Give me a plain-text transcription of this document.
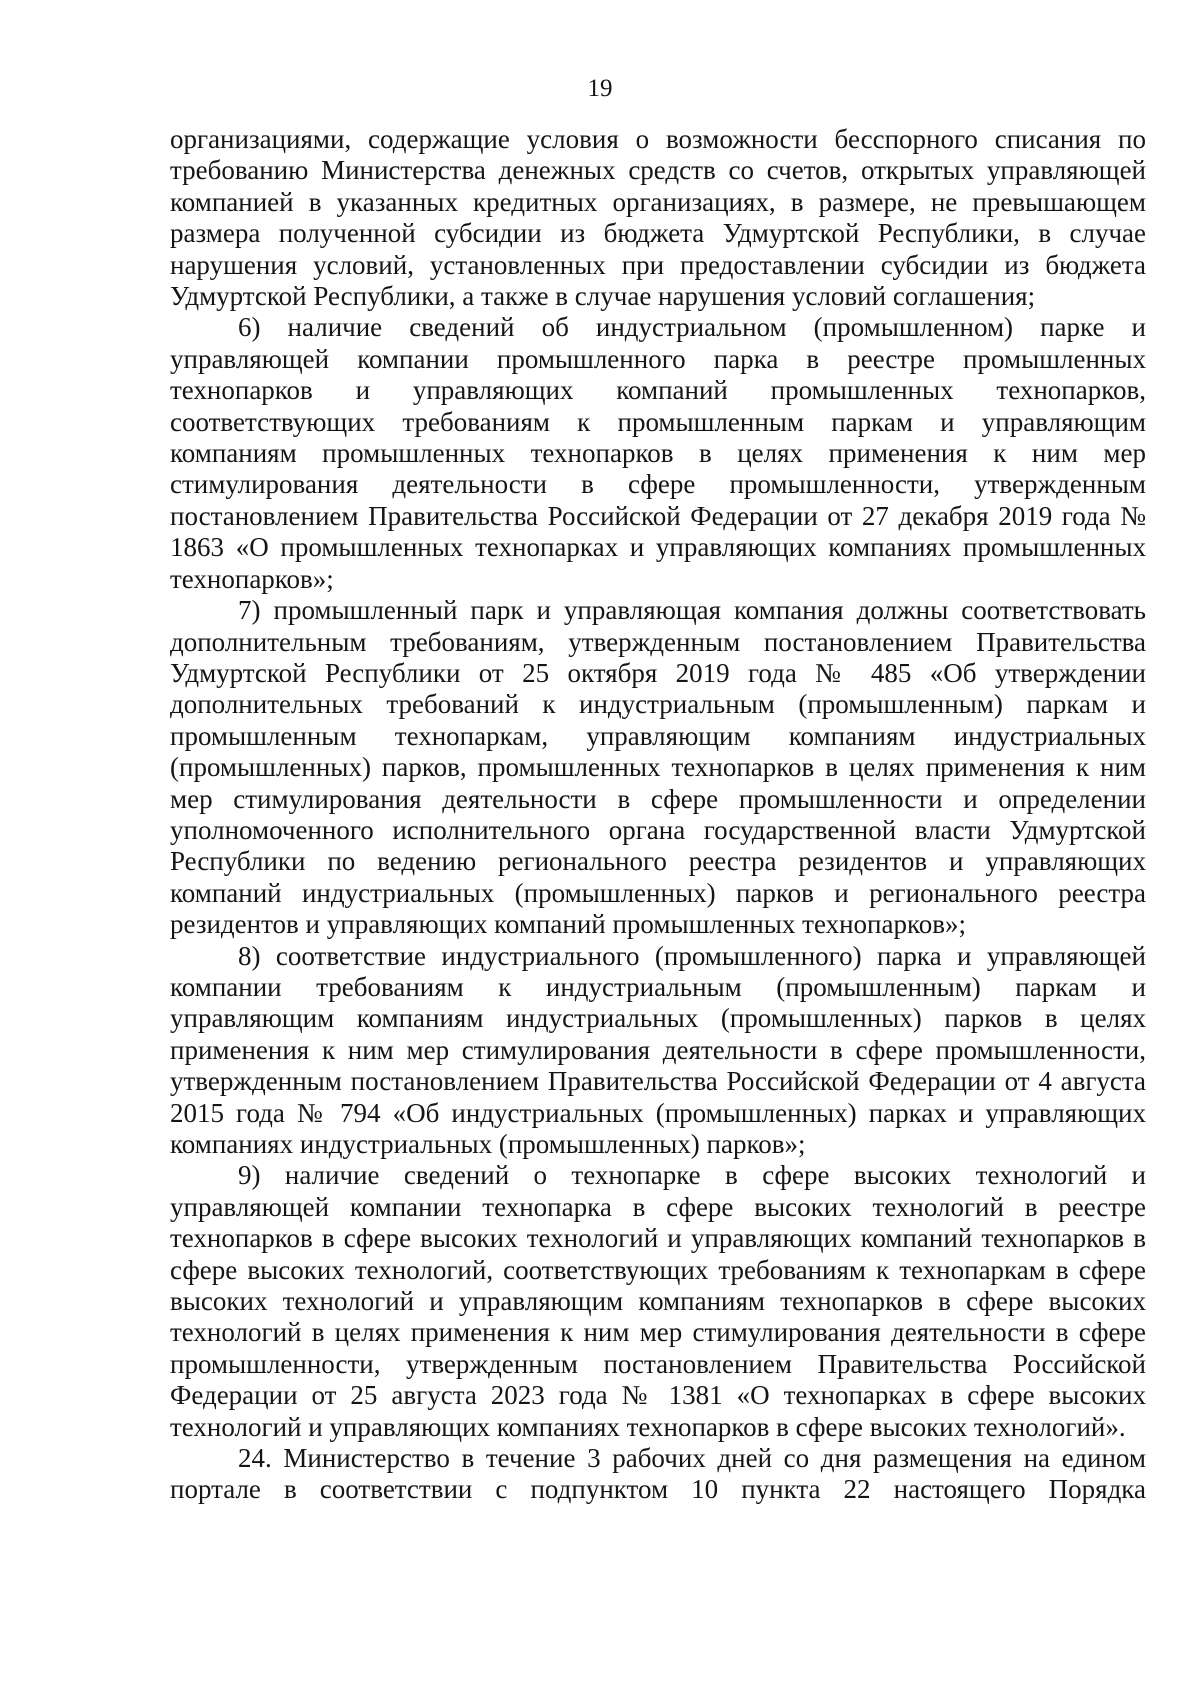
19

организациями, содержащие условия о возможности бесспорного списания по требованию Министерства денежных средств со счетов, открытых управляющей компанией в указанных кредитных организациях, в размере, не превышающем размера полученной субсидии из бюджета Удмуртской Республики, в случае нарушения условий, установленных при предоставлении субсидии из бюджета Удмуртской Республики, а также в случае нарушения условий соглашения;

6) наличие сведений об индустриальном (промышленном) парке и управляющей компании промышленного парка в реестре промышленных технопарков и управляющих компаний промышленных технопарков, соответствующих требованиям к промышленным паркам и управляющим компаниям промышленных технопарков в целях применения к ним мер стимулирования деятельности в сфере промышленности, утвержденным постановлением Правительства Российской Федерации от 27 декабря 2019 года № 1863 «О промышленных технопарках и управляющих компаниях промышленных технопарков»;

7) промышленный парк и управляющая компания должны соответствовать дополнительным требованиям, утвержденным постановлением Правительства Удмуртской Республики от 25 октября 2019 года № 485 «Об утверждении дополнительных требований к индустриальным (промышленным) паркам и промышленным технопаркам, управляющим компаниям индустриальных (промышленных) парков, промышленных технопарков в целях применения к ним мер стимулирования деятельности в сфере промышленности и определении уполномоченного исполнительного органа государственной власти Удмуртской Республики по ведению регионального реестра резидентов и управляющих компаний индустриальных (промышленных) парков и регионального реестра резидентов и управляющих компаний промышленных технопарков»;

8) соответствие индустриального (промышленного) парка и управляющей компании требованиям к индустриальным (промышленным) паркам и управляющим компаниям индустриальных (промышленных) парков в целях применения к ним мер стимулирования деятельности в сфере промышленности, утвержденным постановлением Правительства Российской Федерации от 4 августа 2015 года № 794 «Об индустриальных (промышленных) парках и управляющих компаниях индустриальных (промышленных) парков»;

9) наличие сведений о технопарке в сфере высоких технологий и управляющей компании технопарка в сфере высоких технологий в реестре технопарков в сфере высоких технологий и управляющих компаний технопарков в сфере высоких технологий, соответствующих требованиям к технопаркам в сфере высоких технологий и управляющим компаниям технопарков в сфере высоких технологий в целях применения к ним мер стимулирования деятельности в сфере промышленности, утвержденным постановлением Правительства Российской Федерации от 25 августа 2023 года № 1381 «О технопарках в сфере высоких технологий и управляющих компаниях технопарков в сфере высоких технологий».

24. Министерство в течение 3 рабочих дней со дня размещения на едином портале в соответствии с подпунктом 10 пункта 22 настоящего Порядка
